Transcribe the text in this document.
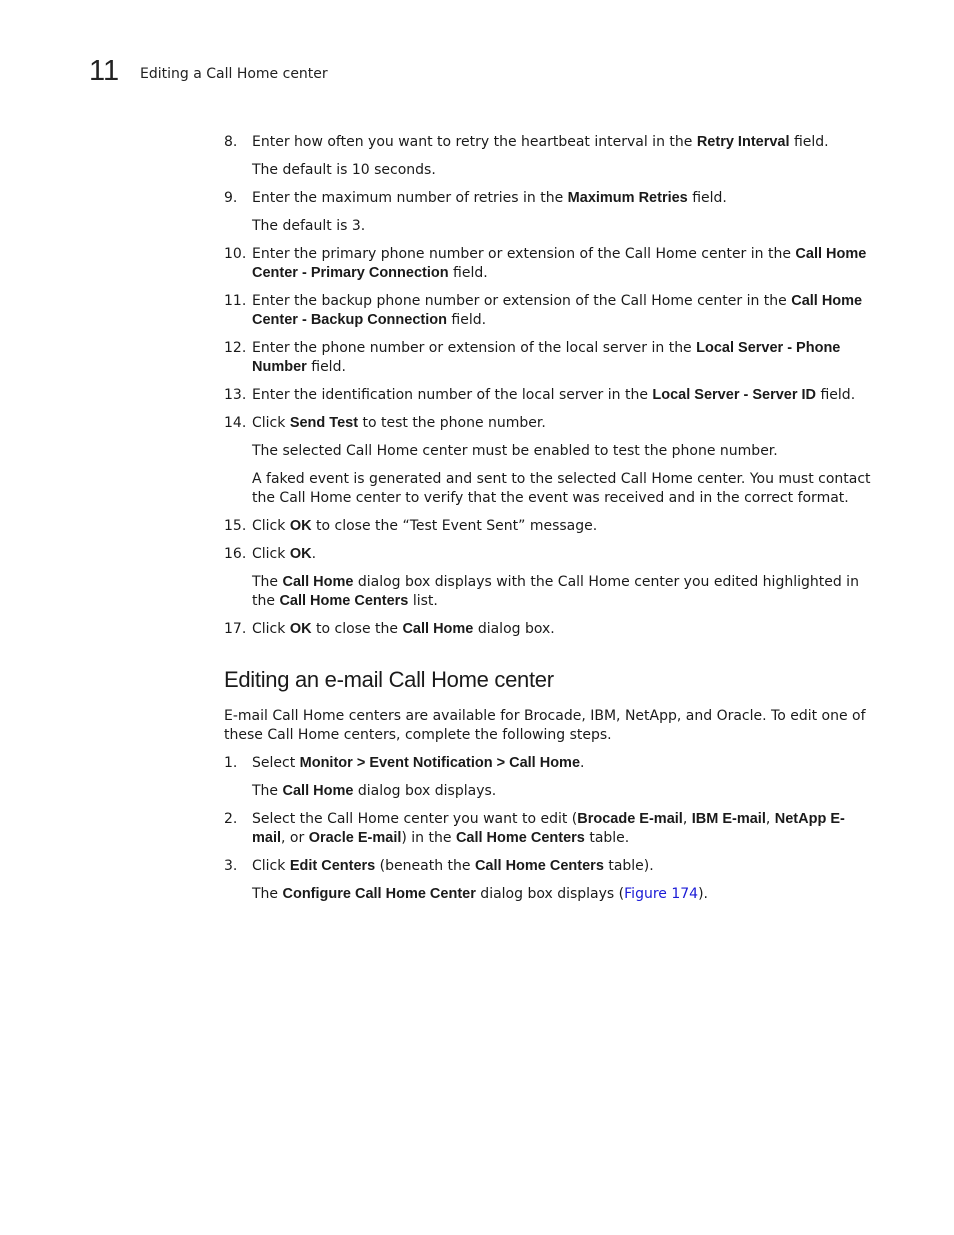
11 Editing a Call Home center
8. Enter how often you want to retry the heartbeat interval in the Retry Interval field.
The default is 10 seconds.
9. Enter the maximum number of retries in the Maximum Retries field.
The default is 3.
10. Enter the primary phone number or extension of the Call Home center in the Call Home Center - Primary Connection field.
11. Enter the backup phone number or extension of the Call Home center in the Call Home Center - Backup Connection field.
12. Enter the phone number or extension of the local server in the Local Server - Phone Number field.
13. Enter the identification number of the local server in the Local Server - Server ID field.
14. Click Send Test to test the phone number.
The selected Call Home center must be enabled to test the phone number.
A faked event is generated and sent to the selected Call Home center. You must contact the Call Home center to verify that the event was received and in the correct format.
15. Click OK to close the “Test Event Sent” message.
16. Click OK.
The Call Home dialog box displays with the Call Home center you edited highlighted in the Call Home Centers list.
17. Click OK to close the Call Home dialog box.
Editing an e-mail Call Home center
E-mail Call Home centers are available for Brocade, IBM, NetApp, and Oracle. To edit one of these Call Home centers, complete the following steps.
1. Select Monitor > Event Notification > Call Home.
The Call Home dialog box displays.
2. Select the Call Home center you want to edit (Brocade E-mail, IBM E-mail, NetApp E-mail, or Oracle E-mail) in the Call Home Centers table.
3. Click Edit Centers (beneath the Call Home Centers table).
The Configure Call Home Center dialog box displays (Figure 174).
